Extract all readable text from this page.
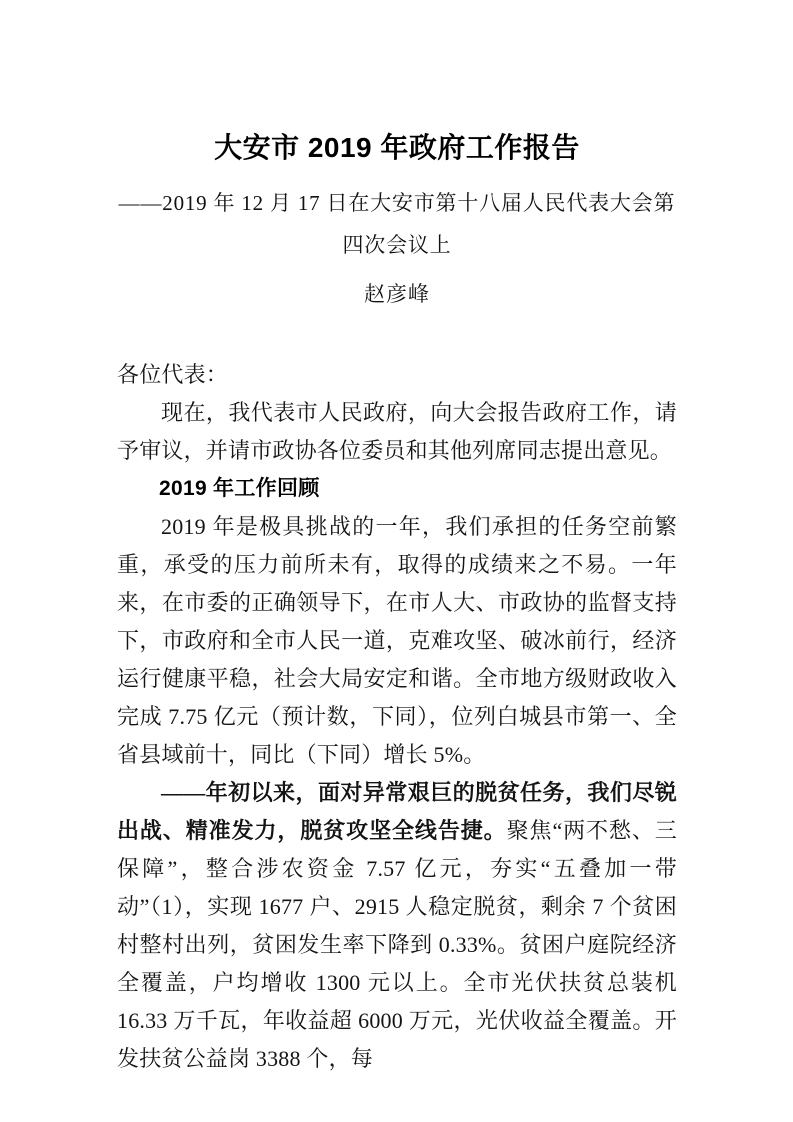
大安市 2019 年政府工作报告

——2019 年 12 月 17 日在大安市第十八届人民代表大会第四次会议上

赵彦峰

各位代表：

现在，我代表市人民政府，向大会报告政府工作，请予审议，并请市政协各位委员和其他列席同志提出意见。

2019 年工作回顾

2019 年是极具挑战的一年，我们承担的任务空前繁重，承受的压力前所未有，取得的成绩来之不易。一年来，在市委的正确领导下，在市人大、市政协的监督支持下，市政府和全市人民一道，克难攻坚、破冰前行，经济运行健康平稳，社会大局安定和谐。全市地方级财政收入完成 7.75 亿元（预计数，下同），位列白城县市第一、全省县域前十，同比（下同）增长 5%。

——年初以来，面对异常艰巨的脱贫任务，我们尽锐出战、精准发力，脱贫攻坚全线告捷。聚焦“两不愁、三保障”，整合涉农资金 7.57 亿元，夯实“五叠加一带动”（1），实现 1677 户、2915 人稳定脱贫，剩余 7 个贫困村整村出列，贫困发生率下降到 0.33%。贫困户庭院经济全覆盖，户均增收 1300 元以上。全市光伏扶贫总装机 16.33 万千瓦，年收益超 6000 万元，光伏收益全覆盖。开发扶贫公益岗 3388 个，每
